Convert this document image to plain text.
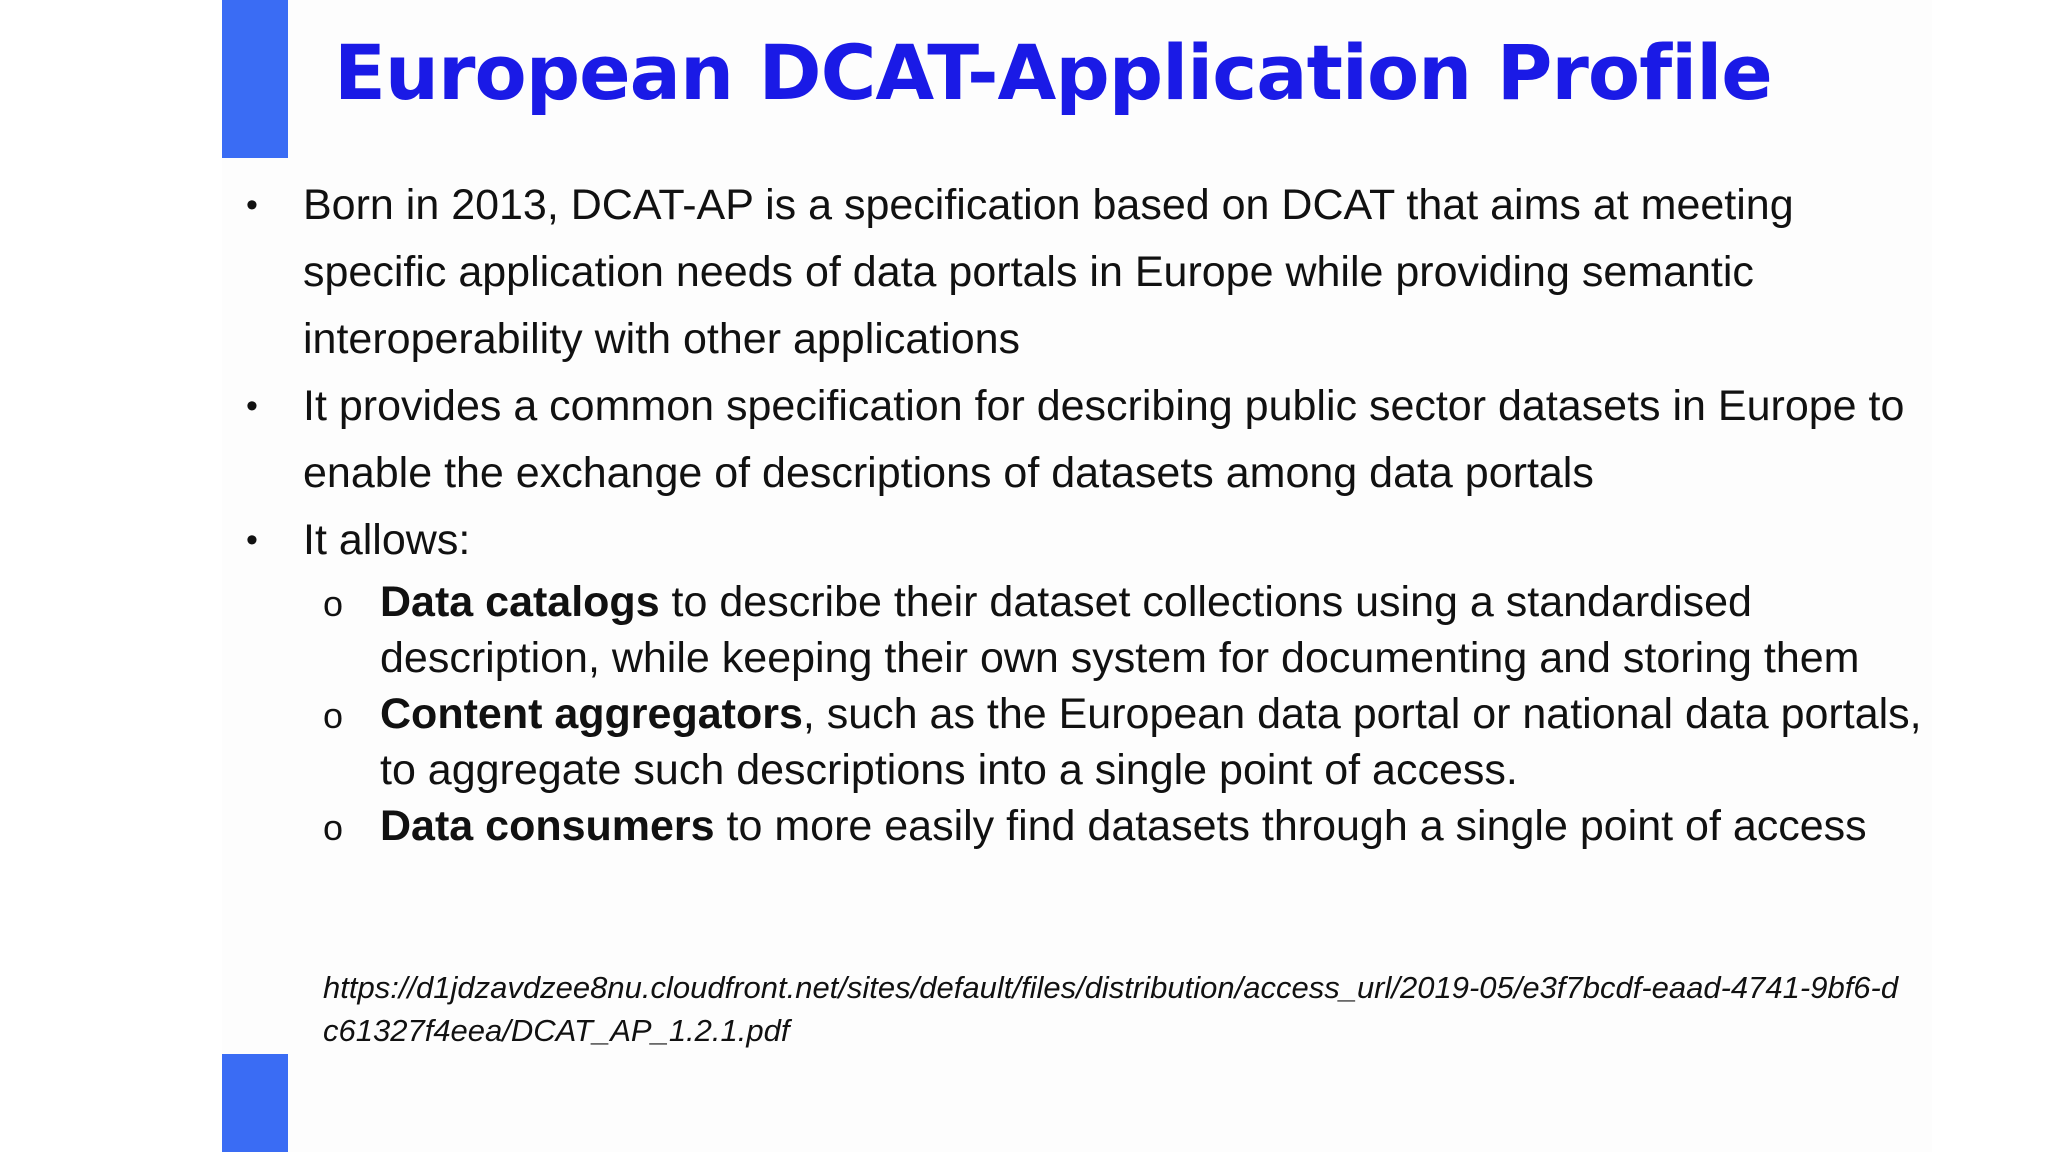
European DCAT-Application Profile
•	Born in 2013, DCAT-AP is a specification based on DCAT that aims at meeting specific application needs of data portals in Europe while providing semantic interoperability with other applications
•	It provides a common specification for describing public sector datasets in Europe to enable the exchange of descriptions of datasets among data portals
•	It allows:
o Data catalogs to describe their dataset collections using a standardised description, while keeping their own system for documenting and storing them
o Content aggregators, such as the European data portal or national data portals, to aggregate such descriptions into a single point of access.
o Data consumers to more easily find datasets through a single point of access

https://d1jdzavdzee8nu.cloudfront.net/sites/default/files/distribution/access_url/2019-05/e3f7bcdf-eaad-4741-9bf6-dc61327f4eea/DCAT_AP_1.2.1.pdf
